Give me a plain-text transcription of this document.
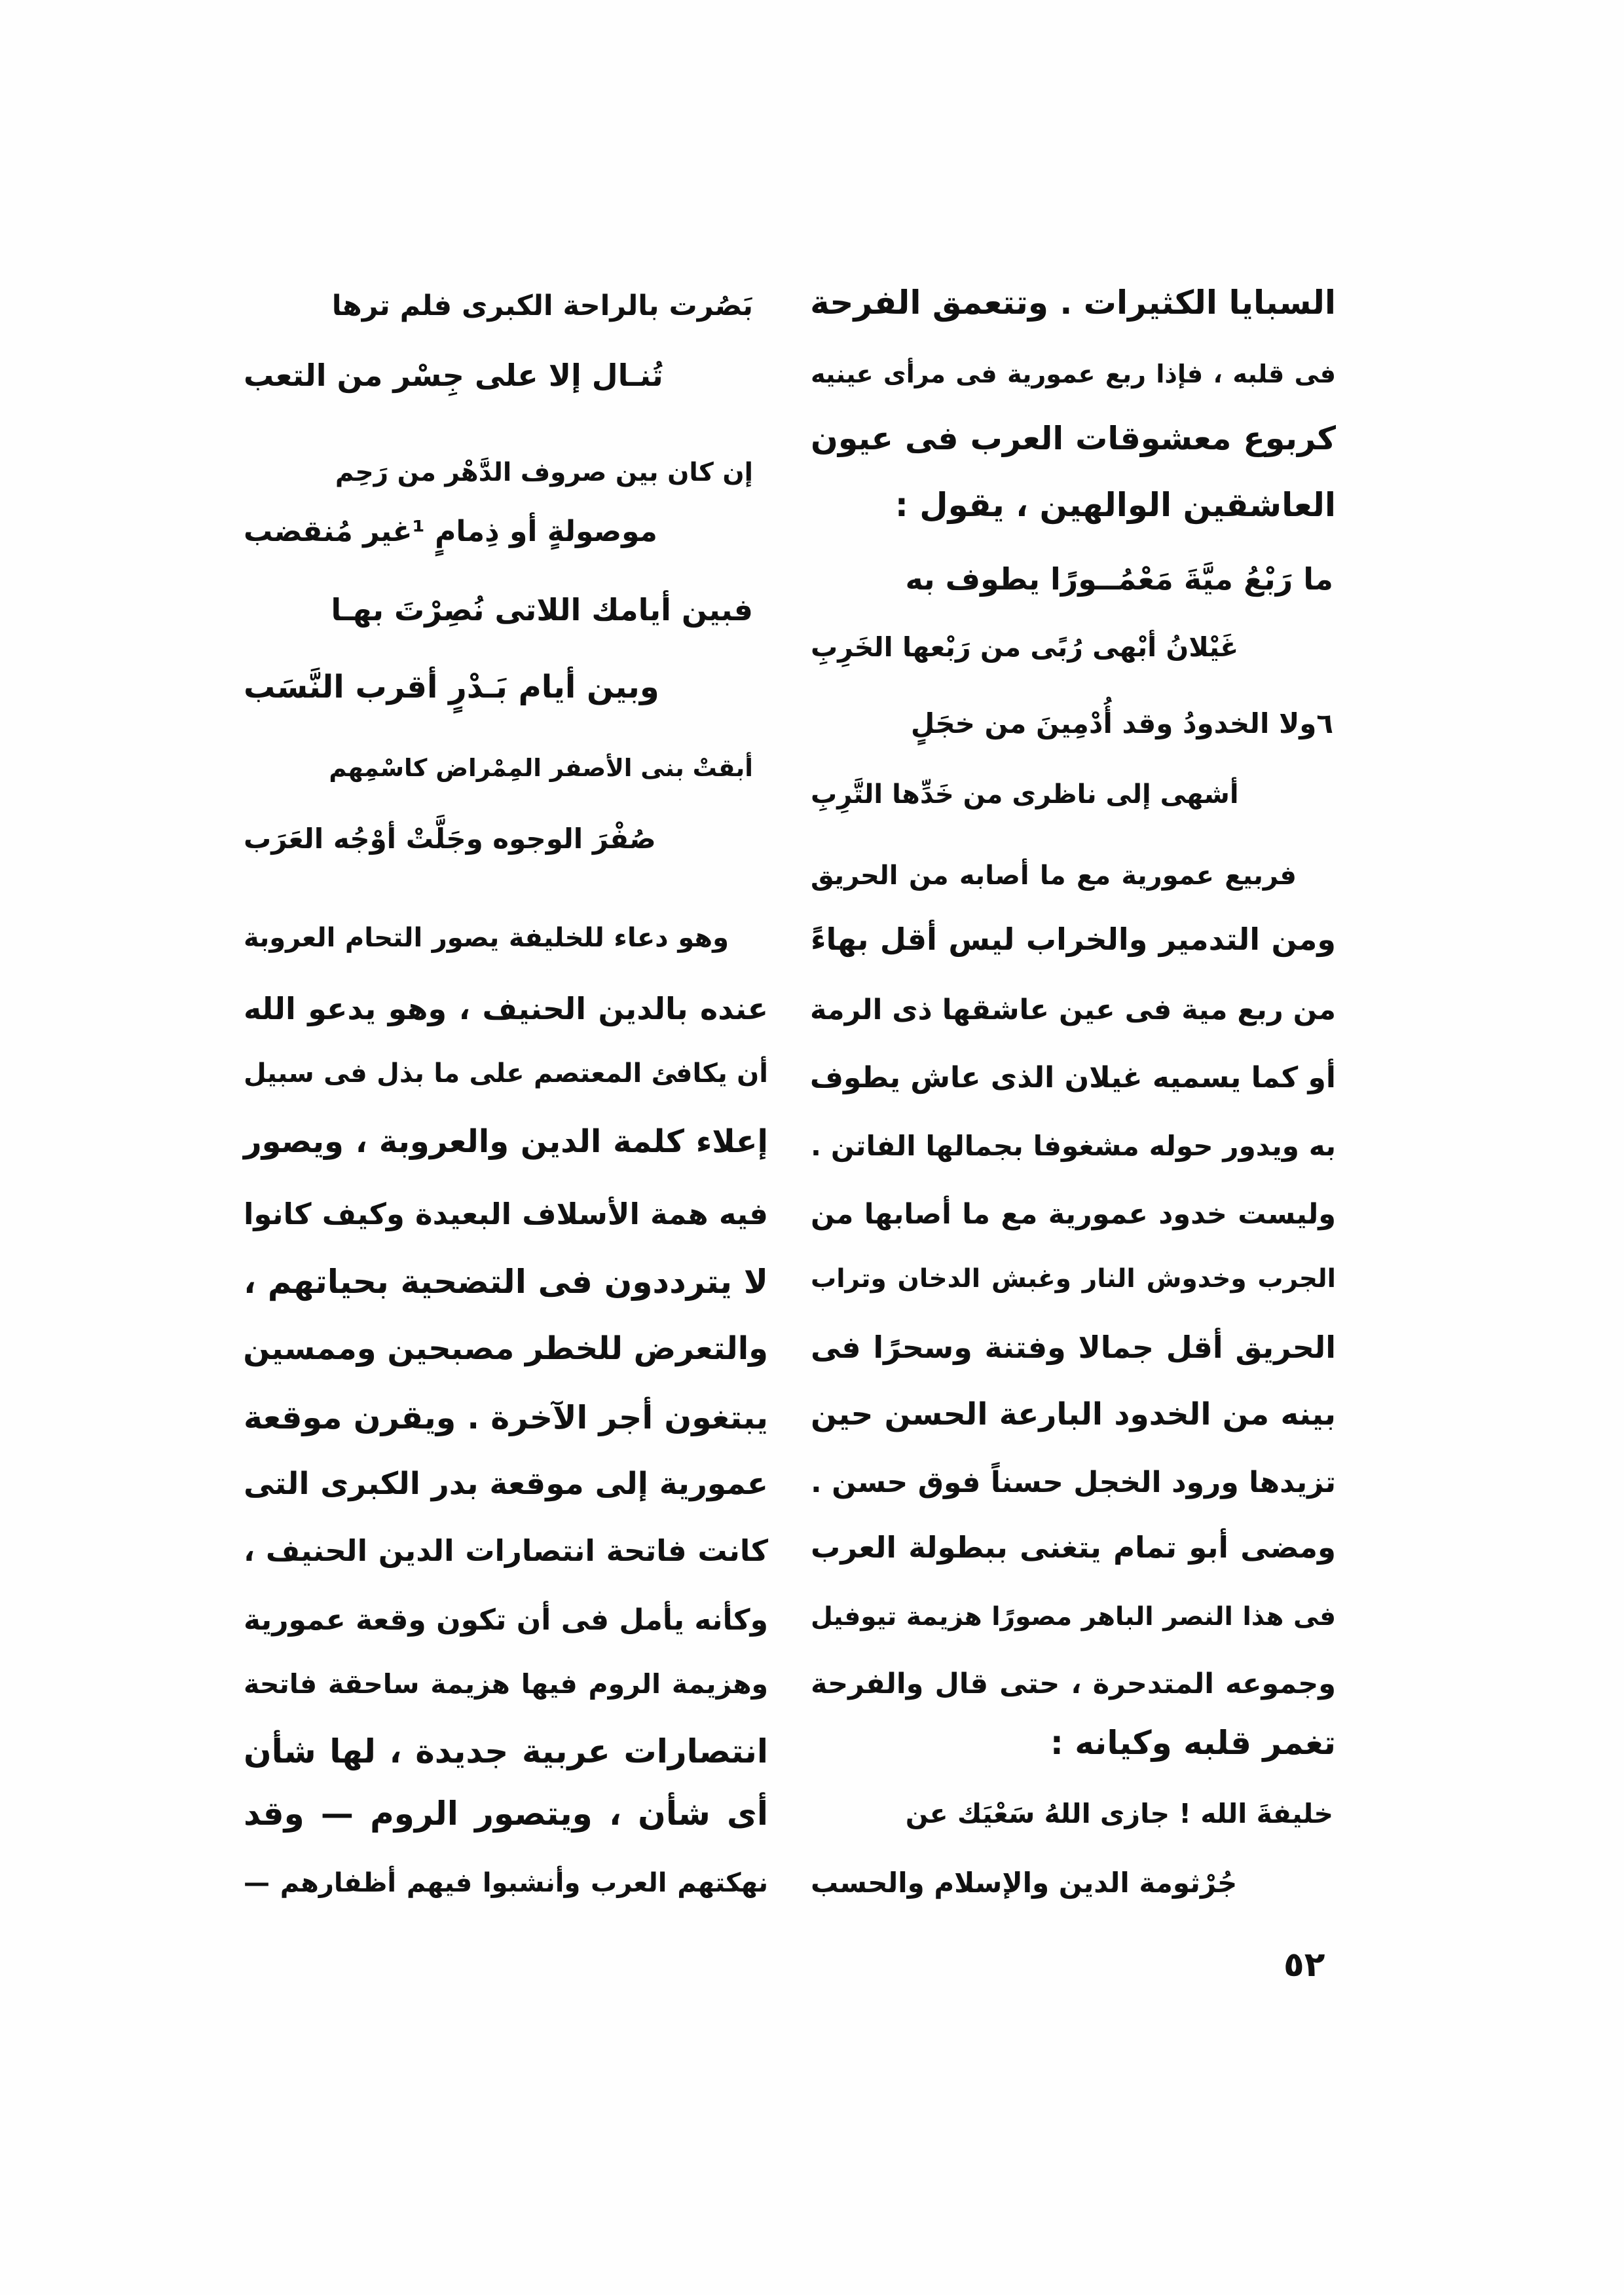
السبايا الكثيرات . وتتعمق الفرحة
فى قلبه ، فإذا ربع عمورية فى مرأى عينيه
كربوع معشوقات العرب فى عيون
العاشقين الوالهين ، يقول :
ما رَبْعُ ميَّةَ مَعْمُــورًا يطوف به
غَيْلانُ أبْهى رُبًى من رَبْعها الخَرِبِ
٦ولا الخدودُ وقد أُدْمِينَ من خجَلٍ
أشهى إلى ناظرى من خَدِّها التَّرِبِ
فربيع عمورية مع ما أصابه من الحريق
ومن التدمير والخراب ليس أقل بهاءً
من ربع مية فى عين عاشقها ذى الرمة
أو كما يسميه غيلان الذى عاش يطوف
به ويدور حوله مشغوفا بجمالها الفاتن .
وليست خدود عمورية مع ما أصابها من
الجرب وخدوش النار وغبش الدخان وتراب
الحريق أقل جمالا وفتنة وسحرًا فى
بينه من الخدود البارعة الحسن حين
تزيدها ورود الخجل حسناً فوق حسن .
ومضى أبو تمام يتغنى ببطولة العرب
فى هذا النصر الباهر مصورًا هزيمة تيوفيل
وجموعه المتدحرة ، حتى قال والفرحة
تغمر قلبه وكيانه :
خليفةَ الله ! جازى اللهُ سَعْيَك عن
جُرْثومة الدين والإسلام والحسب
بَصُرت بالراحة الكبرى فلم ترها
تُنـال إلا على جِسْر من التعب
إن كان بين صروف الدَّهْر من رَحِم
موصولةٍ أو ذِمامٍ ¹غير مُنقضب
فبين أيامك اللاتى نُصِرْتَ بهـا
وبين أيام بَـدْرٍ أقرب النَّسَب
أبقتْ بنى الأصفر المِمْراض كاسْمِهم
صُفْرَ الوجوه وجَلَّتْ أوْجُه العَرَب
وهو دعاء للخليفة يصور التحام العروبة
عنده بالدين الحنيف ، وهو يدعو الله
أن يكافئ المعتصم على ما بذل فى سبيل
إعلاء كلمة الدين والعروبة ، ويصور
فيه همة الأسلاف البعيدة وكيف كانوا
لا يترددون فى التضحية بحياتهم ،
والتعرض للخطر مصبحين وممسين
يبتغون أجر الآخرة . ويقرن موقعة
عمورية إلى موقعة بدر الكبرى التى
كانت فاتحة انتصارات الدين الحنيف ،
وكأنه يأمل فى أن تكون وقعة عمورية
وهزيمة الروم فيها هزيمة ساحقة فاتحة
انتصارات عربية جديدة ، لها شأن
أى شأن ، ويتصور الروم — وقد
نهكتهم العرب وأنشبوا فيهم أظفارهم —
٥٢
